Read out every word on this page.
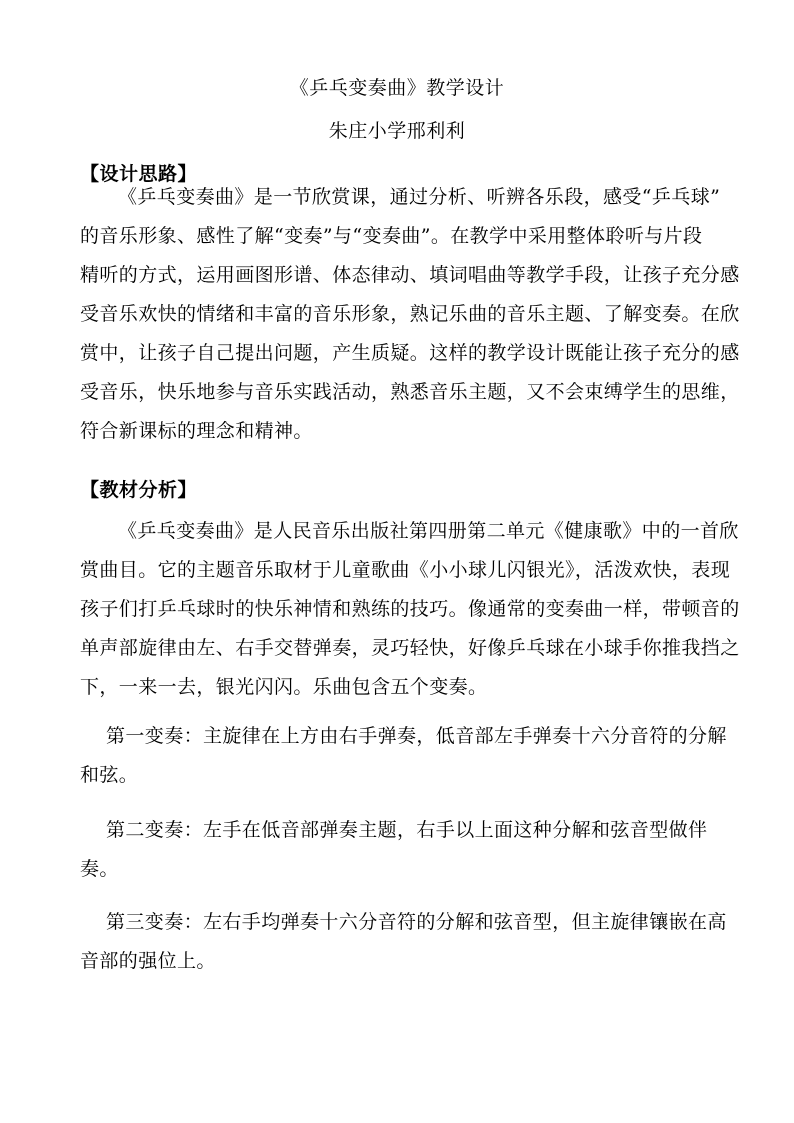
《乒乓变奏曲》教学设计
朱庄小学邢利利
【设计思路】
《乒乓变奏曲》是一节欣赏课，通过分析、听辨各乐段，感受“乒乓球”
的音乐形象、感性了解“变奏”与“变奏曲”。在教学中采用整体聆听与片段
精听的方式，运用画图形谱、体态律动、填词唱曲等教学手段，让孩子充分感
受音乐欢快的情绪和丰富的音乐形象，熟记乐曲的音乐主题、了解变奏。在欣
赏中，让孩子自己提出问题，产生质疑。这样的教学设计既能让孩子充分的感
受音乐，快乐地参与音乐实践活动，熟悉音乐主题，又不会束缚学生的思维，
符合新课标的理念和精神。
【教材分析】
《乒乓变奏曲》是人民音乐出版社第四册第二单元《健康歌》中的一首欣
赏曲目。它的主题音乐取材于儿童歌曲《小小球儿闪银光》，活泼欢快，表现
孩子们打乒乓球时的快乐神情和熟练的技巧。像通常的变奏曲一样，带顿音的
单声部旋律由左、右手交替弹奏，灵巧轻快，好像乒乓球在小球手你推我挡之
下，一来一去，银光闪闪。乐曲包含五个变奏。
第一变奏：主旋律在上方由右手弹奏，低音部左手弹奏十六分音符的分解
和弦。
第二变奏：左手在低音部弹奏主题，右手以上面这种分解和弦音型做伴
奏。
第三变奏：左右手均弹奏十六分音符的分解和弦音型，但主旋律镶嵌在高
音部的强位上。
